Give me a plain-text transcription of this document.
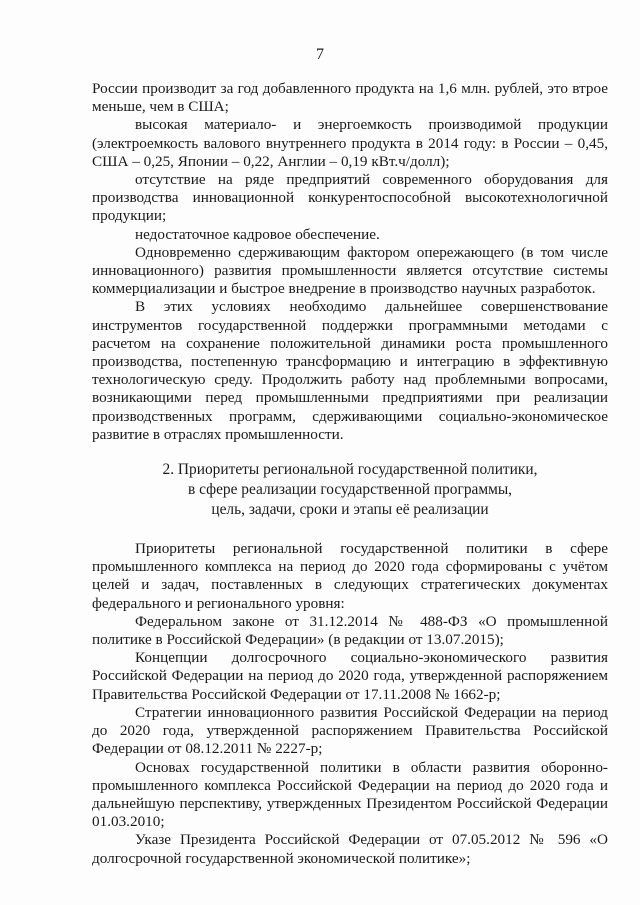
7

России производит за год добавленного продукта на 1,6 млн. рублей, это втрое меньше, чем в США;

высокая материало- и энергоемкость производимой продукции (электроемкость валового внутреннего продукта в 2014 году: в России – 0,45, США – 0,25, Японии – 0,22, Англии – 0,19 кВт.ч/долл);

отсутствие на ряде предприятий современного оборудования для производства инновационной конкурентоспособной высокотехнологичной продукции;

недостаточное кадровое обеспечение.

Одновременно сдерживающим фактором опережающего (в том числе инновационного) развития промышленности является отсутствие системы коммерциализации и быстрое внедрение в производство научных разработок.

В этих условиях необходимо дальнейшее совершенствование инструментов государственной поддержки программными методами с расчетом на сохранение положительной динамики роста промышленного производства, постепенную трансформацию и интеграцию в эффективную технологическую среду. Продолжить работу над проблемными вопросами, возникающими перед промышленными предприятиями при реализации производственных программ, сдерживающими социально-экономическое развитие в отраслях промышленности.

2. Приоритеты региональной государственной политики,
в сфере реализации государственной программы,
цель, задачи, сроки и этапы её реализации

Приоритеты региональной государственной политики в сфере промышленного комплекса на период до 2020 года сформированы с учётом целей и задач, поставленных в следующих стратегических документах федерального и регионального уровня:

Федеральном законе от 31.12.2014 № 488-ФЗ «О промышленной политике в Российской Федерации» (в редакции от 13.07.2015);

Концепции долгосрочного социально-экономического развития Российской Федерации на период до 2020 года, утвержденной распоряжением Правительства Российской Федерации от 17.11.2008 № 1662-р;

Стратегии инновационного развития Российской Федерации на период до 2020 года, утвержденной распоряжением Правительства Российской Федерации от 08.12.2011 № 2227-р;

Основах государственной политики в области развития оборонно-промышленного комплекса Российской Федерации на период до 2020 года и дальнейшую перспективу, утвержденных Президентом Российской Федерации 01.03.2010;

Указе Президента Российской Федерации от 07.05.2012 № 596 «О долгосрочной государственной экономической политике»;
